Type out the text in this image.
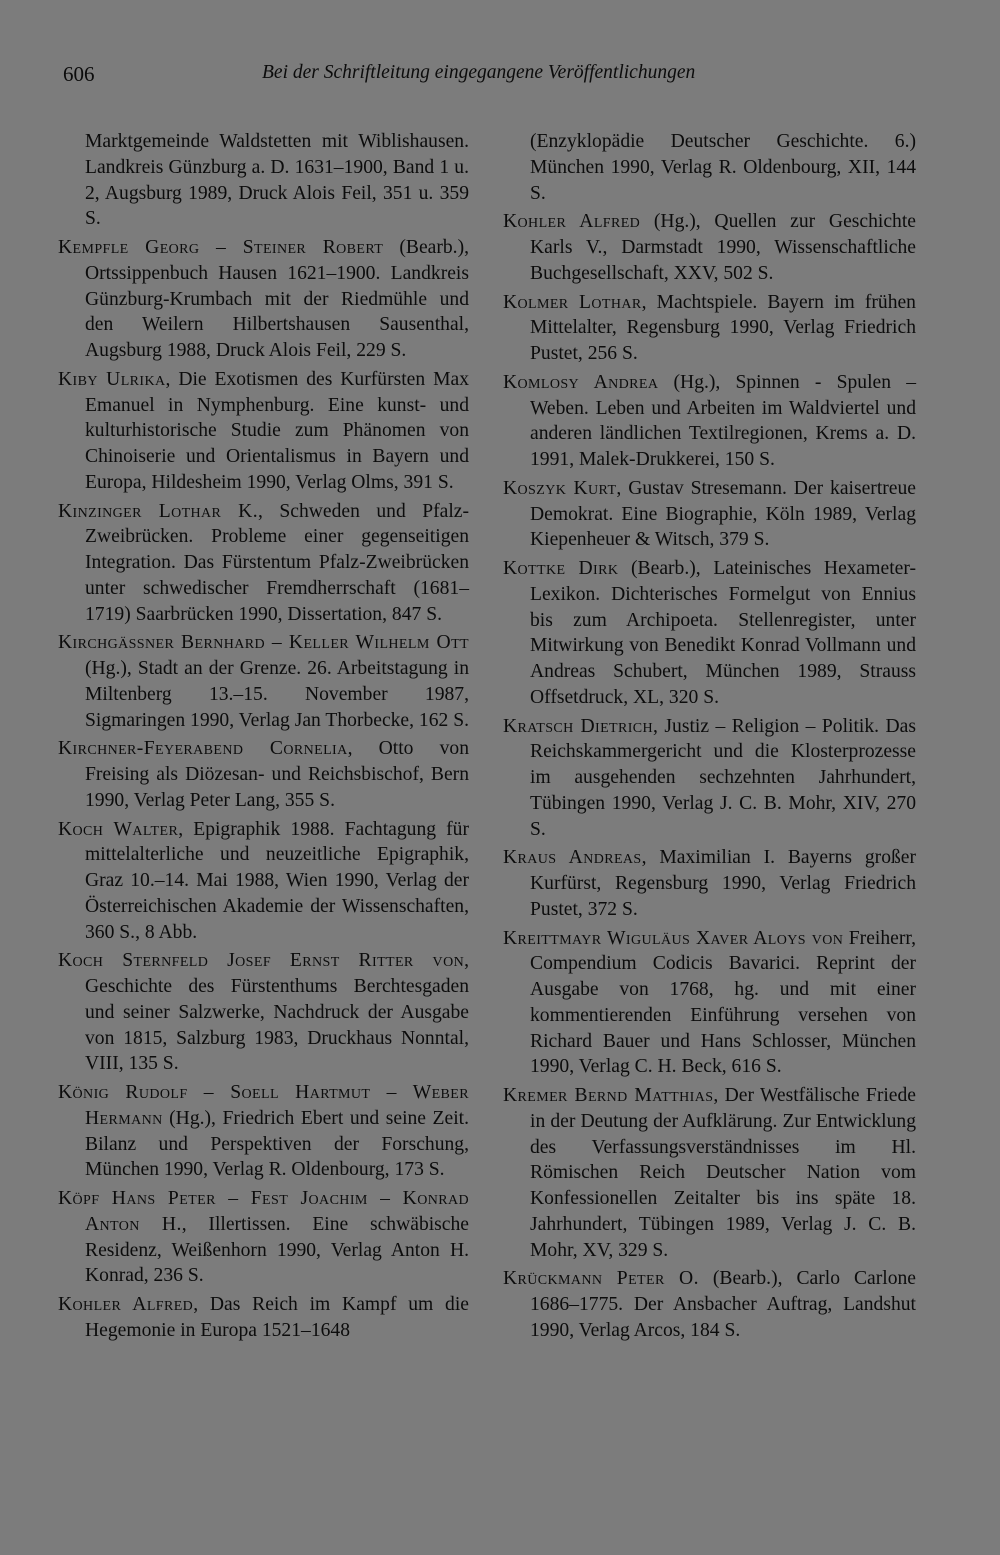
606	Bei der Schriftleitung eingegangene Veröffentlichungen

Marktgemeinde Waldstetten mit Wiblishausen. Landkreis Günzburg a. D. 1631–1900, Band 1 u. 2, Augsburg 1989, Druck Alois Feil, 351 u. 359 S.

Kempfle Georg – Steiner Robert (Bearb.), Ortssippenbuch Hausen 1621–1900. Landkreis Günzburg-Krumbach mit der Riedmühle und den Weilern Hilbertshausen Sausenthal, Augsburg 1988, Druck Alois Feil, 229 S.

Kiby Ulrika, Die Exotismen des Kurfürsten Max Emanuel in Nymphenburg. Eine kunst- und kulturhistorische Studie zum Phänomen von Chinoiserie und Orientalismus in Bayern und Europa, Hildesheim 1990, Verlag Olms, 391 S.

Kinzinger Lothar K., Schweden und Pfalz-Zweibrücken. Probleme einer gegenseitigen Integration. Das Fürstentum Pfalz-Zweibrücken unter schwedischer Fremdherrschaft (1681–1719) Saarbrücken 1990, Dissertation, 847 S.

Kirchgässner Bernhard – Keller Wilhelm Ott (Hg.), Stadt an der Grenze. 26. Arbeitstagung in Miltenberg 13.–15. November 1987, Sigmaringen 1990, Verlag Jan Thorbecke, 162 S.

Kirchner-Feyerabend Cornelia, Otto von Freising als Diözesan- und Reichsbischof, Bern 1990, Verlag Peter Lang, 355 S.

Koch Walter, Epigraphik 1988. Fachtagung für mittelalterliche und neuzeitliche Epigraphik, Graz 10.–14. Mai 1988, Wien 1990, Verlag der Österreichischen Akademie der Wissenschaften, 360 S., 8 Abb.

Koch Sternfeld Josef Ernst Ritter von, Geschichte des Fürstenthums Berchtesgaden und seiner Salzwerke, Nachdruck der Ausgabe von 1815, Salzburg 1983, Druckhaus Nonntal, VIII, 135 S.

König Rudolf – Soell Hartmut – Weber Hermann (Hg.), Friedrich Ebert und seine Zeit. Bilanz und Perspektiven der Forschung, München 1990, Verlag R. Oldenbourg, 173 S.

Köpf Hans Peter – Fest Joachim – Konrad Anton H., Illertissen. Eine schwäbische Residenz, Weißenhorn 1990, Verlag Anton H. Konrad, 236 S.

Kohler Alfred, Das Reich im Kampf um die Hegemonie in Europa 1521–1648

(Enzyklopädie Deutscher Geschichte. 6.) München 1990, Verlag R. Oldenbourg, XII, 144 S.

Kohler Alfred (Hg.), Quellen zur Geschichte Karls V., Darmstadt 1990, Wissenschaftliche Buchgesellschaft, XXV, 502 S.

Kolmer Lothar, Machtspiele. Bayern im frühen Mittelalter, Regensburg 1990, Verlag Friedrich Pustet, 256 S.

Komlosy Andrea (Hg.), Spinnen - Spulen – Weben. Leben und Arbeiten im Waldviertel und anderen ländlichen Textilregionen, Krems a. D. 1991, Malek-Drukkerei, 150 S.

Koszyk Kurt, Gustav Stresemann. Der kaisertreue Demokrat. Eine Biographie, Köln 1989, Verlag Kiepenheuer & Witsch, 379 S.

Kottke Dirk (Bearb.), Lateinisches Hexameter-Lexikon. Dichterisches Formelgut von Ennius bis zum Archipoeta. Stellenregister, unter Mitwirkung von Benedikt Konrad Vollmann und Andreas Schubert, München 1989, Strauss Offsetdruck, XL, 320 S.

Kratsch Dietrich, Justiz – Religion – Politik. Das Reichskammergericht und die Klosterprozesse im ausgehenden sechzehnten Jahrhundert, Tübingen 1990, Verlag J. C. B. Mohr, XIV, 270 S.

Kraus Andreas, Maximilian I. Bayerns großer Kurfürst, Regensburg 1990, Verlag Friedrich Pustet, 372 S.

Kreittmayr Wiguläus Xaver Aloys von Freiherr, Compendium Codicis Bavarici. Reprint der Ausgabe von 1768, hg. und mit einer kommentierenden Einführung versehen von Richard Bauer und Hans Schlosser, München 1990, Verlag C. H. Beck, 616 S.

Kremer Bernd Matthias, Der Westfälische Friede in der Deutung der Aufklärung. Zur Entwicklung des Verfassungsverständnisses im Hl. Römischen Reich Deutscher Nation vom Konfessionellen Zeitalter bis ins späte 18. Jahrhundert, Tübingen 1989, Verlag J. C. B. Mohr, XV, 329 S.

Krückmann Peter O. (Bearb.), Carlo Carlone 1686–1775. Der Ansbacher Auftrag, Landshut 1990, Verlag Arcos, 184 S.
